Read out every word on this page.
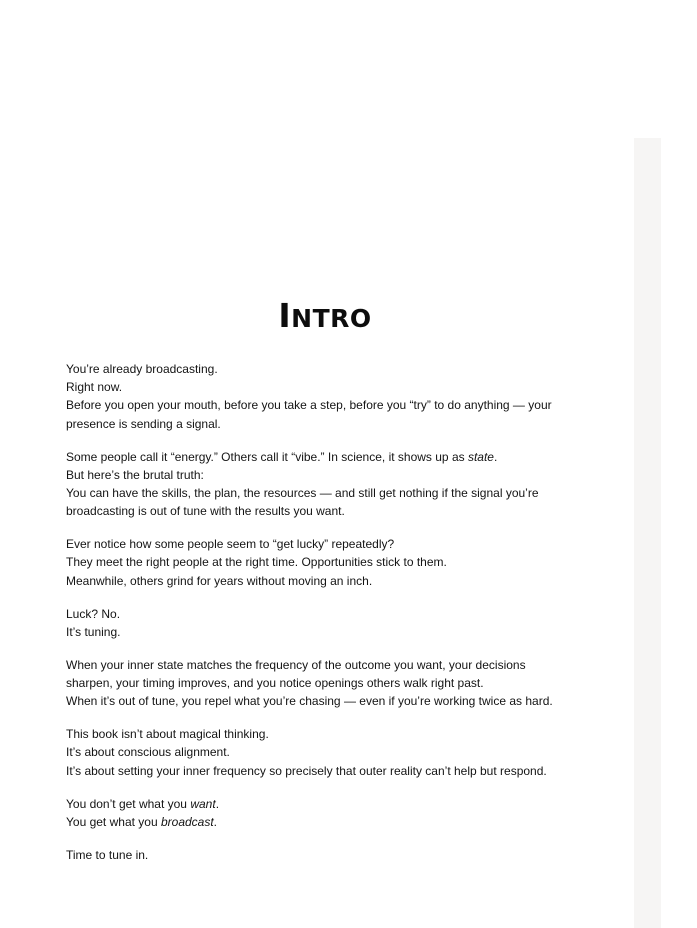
INTRO

You’re already broadcasting.
Right now.
Before you open your mouth, before you take a step, before you “try” to do anything — your
presence is sending a signal.

Some people call it “energy.” Others call it “vibe.” In science, it shows up as state.
But here’s the brutal truth:
You can have the skills, the plan, the resources — and still get nothing if the signal you’re
broadcasting is out of tune with the results you want.

Ever notice how some people seem to “get lucky” repeatedly?
They meet the right people at the right time. Opportunities stick to them.
Meanwhile, others grind for years without moving an inch.

Luck? No.
It’s tuning.

When your inner state matches the frequency of the outcome you want, your decisions
sharpen, your timing improves, and you notice openings others walk right past.
When it’s out of tune, you repel what you’re chasing — even if you’re working twice as hard.

This book isn’t about magical thinking.
It’s about conscious alignment.
It’s about setting your inner frequency so precisely that outer reality can’t help but respond.

You don’t get what you want.
You get what you broadcast.

Time to tune in.
